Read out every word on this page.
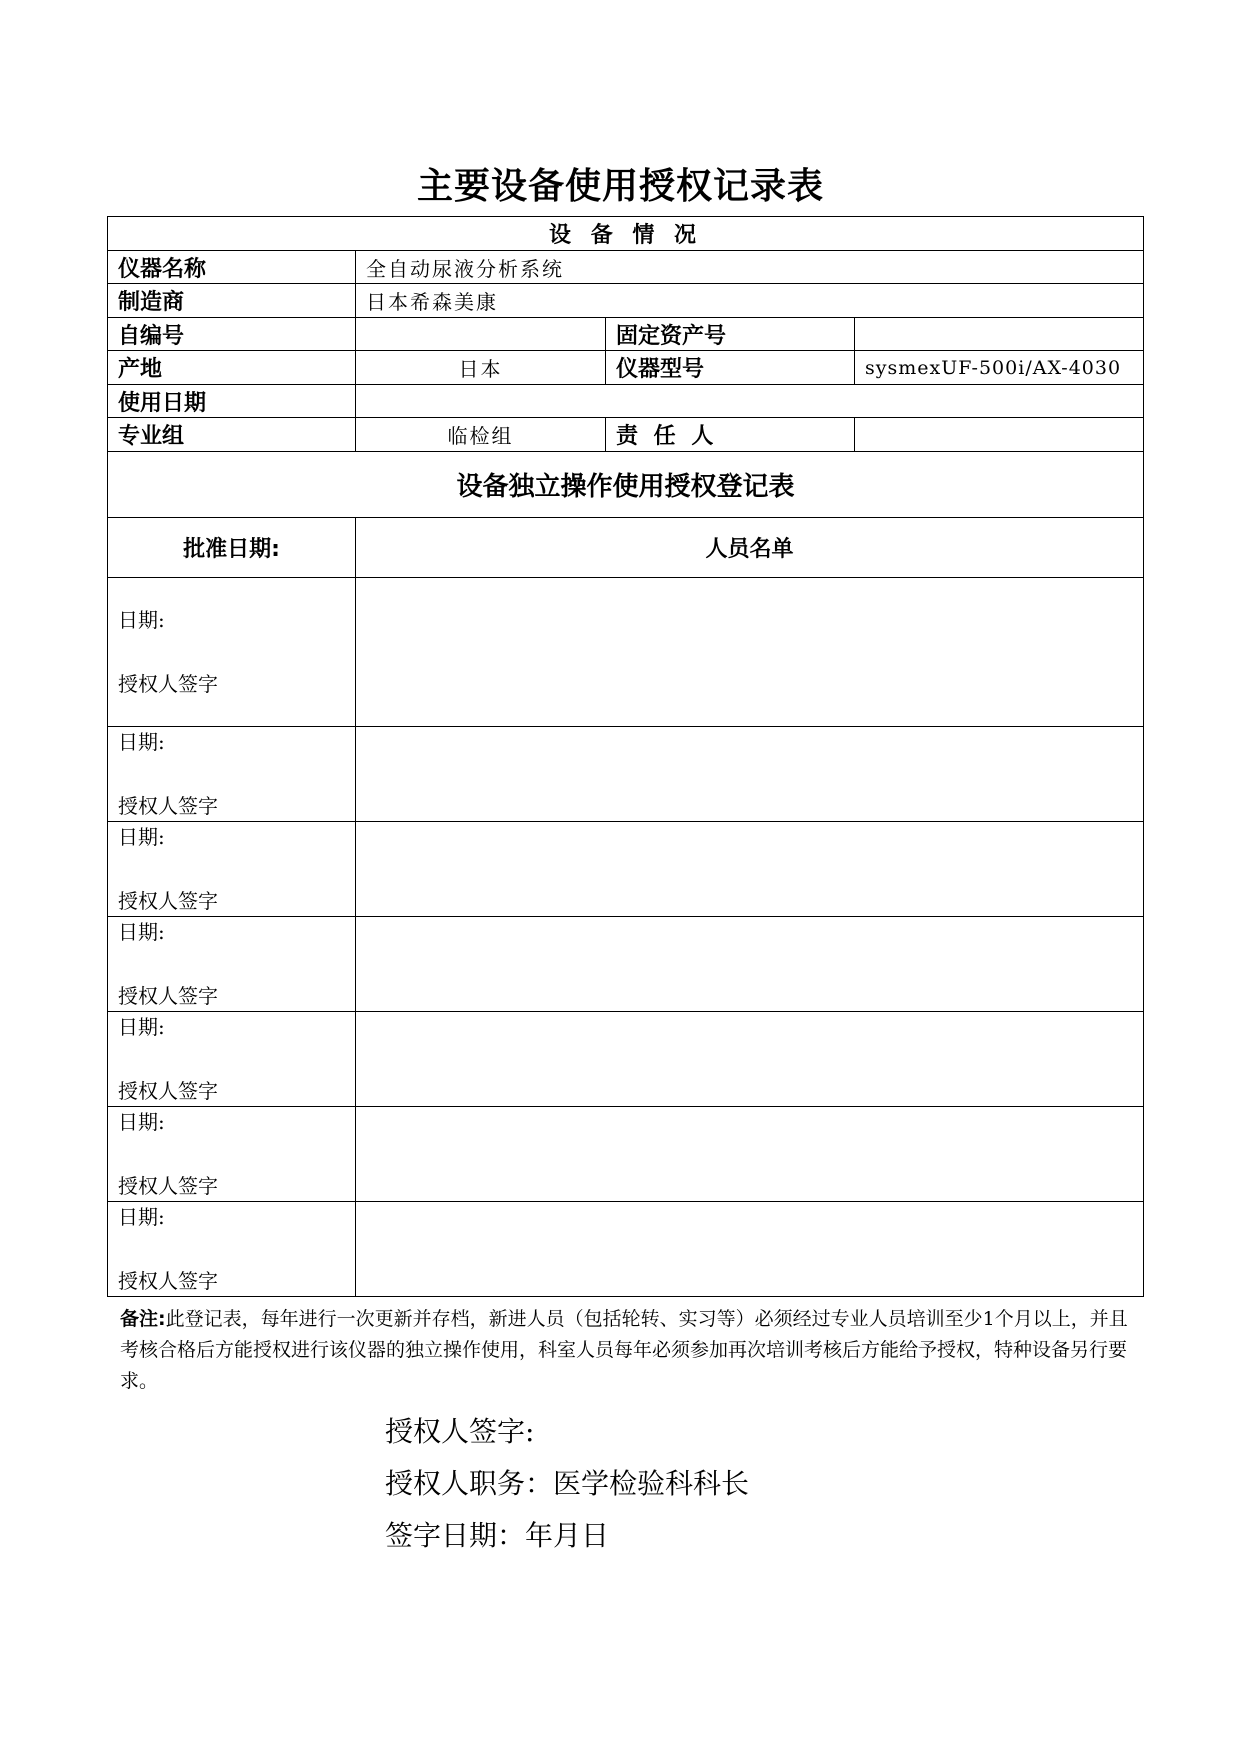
主要设备使用授权记录表
设 备 情 况			
仪器名称	全自动尿液分析系统		
制造商	日本希森美康		
自编号		固定资产号	
产地	日本	仪器型号	sysmexUF-500i/AX-4030
使用日期			
专业组	临检组	责 任 人	
设备独立操作使用授权登记表			
批准日期:	人员名单		

日期:
授权人签字			

日期:
授权人签字			

日期:
授权人签字			

日期:
授权人签字			

日期:
授权人签字			

日期:
授权人签字			

日期:
授权人签字			

备注:此登记表，每年进行一次更新并存档，新进人员（包括轮转、实习等）必须经过专业人员培训至少1个月以上，并且考核合格后方能授权进行该仪器的独立操作使用，科室人员每年必须参加再次培训考核后方能给予授权，特种设备另行要求。
授权人签字:
授权人职务：医学检验科科长
签字日期：年月日
